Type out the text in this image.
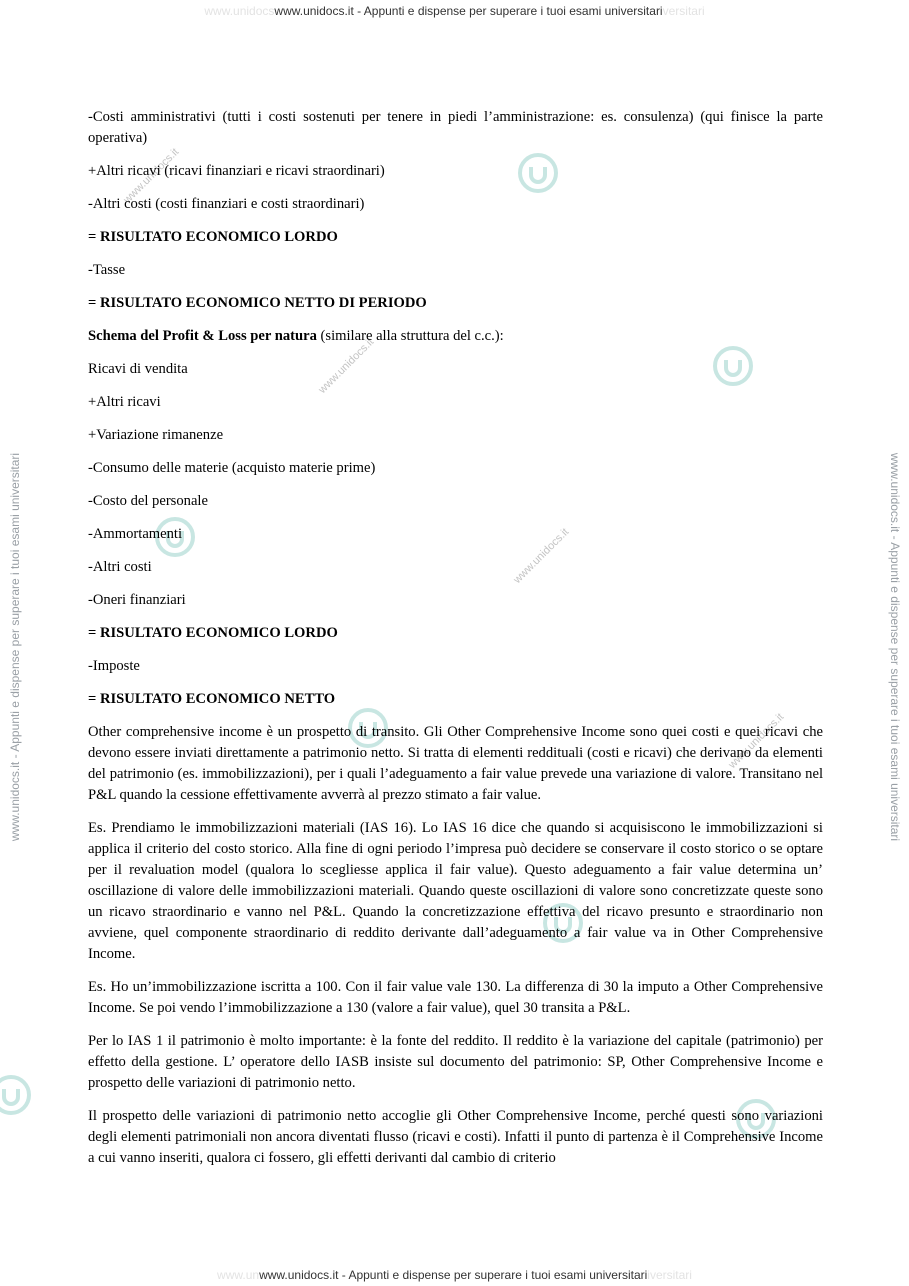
www.unidocs.it
www.unidocs.it
www.unidocs.it
www.unidocs.it
www.unidocswww.unidocs.it - Appunti e dispense per superare i tuoi esami universitariversitari
www.unidocs.it - Appunti e dispense per superare i tuoi esami universitari	www.unidocs.it - Appunti e dispense per superare i tuoi esami universitari

-Costi amministrativi (tutti i costi sostenuti per tenere in piedi l’amministrazione: es. consulenza) (qui finisce la parte operativa)

+Altri ricavi (ricavi finanziari e ricavi straordinari)

-Altri costi (costi finanziari e costi straordinari)

= RISULTATO ECONOMICO LORDO

-Tasse

= RISULTATO ECONOMICO NETTO DI PERIODO

Schema del Profit & Loss per natura (similare alla struttura del c.c.):

Ricavi di vendita

+Altri ricavi

+Variazione rimanenze

-Consumo delle materie (acquisto materie prime)

-Costo del personale

-Ammortamenti

-Altri costi

-Oneri finanziari

= RISULTATO ECONOMICO LORDO

-Imposte

= RISULTATO ECONOMICO NETTO

Other comprehensive income è un prospetto di transito. Gli Other Comprehensive Income sono quei costi e quei ricavi che devono essere inviati direttamente a patrimonio netto. Si tratta di elementi reddituali (costi e ricavi) che derivano da elementi del patrimonio (es. immobilizzazioni), per i quali l’adeguamento a fair value prevede una variazione di valore. Transitano nel P&L quando la cessione effettivamente avverrà al prezzo stimato a fair value.

Es. Prendiamo le immobilizzazioni materiali (IAS 16). Lo IAS 16 dice che quando si acquisiscono le immobilizzazioni si applica il criterio del costo storico. Alla fine di ogni periodo l’impresa può decidere se conservare il costo storico o se optare per il revaluation model (qualora lo scegliesse applica il fair value). Questo adeguamento a fair value determina un’ oscillazione di valore delle immobilizzazioni materiali. Quando queste oscillazioni di valore sono concretizzate queste sono un ricavo straordinario e vanno nel P&L. Quando la concretizzazione effettiva del ricavo presunto e straordinario non avviene, quel componente straordinario di reddito derivante dall’adeguamento a fair value va in Other Comprehensive Income.

Es. Ho un’immobilizzazione iscritta a 100. Con il fair value vale 130. La differenza di 30 la imputo a Other Comprehensive Income. Se poi vendo l’immobilizzazione a 130 (valore a fair value), quel 30 transita a P&L.

Per lo IAS 1 il patrimonio è molto importante: è la fonte del reddito. Il reddito è la variazione del capitale (patrimonio) per effetto della gestione. L’ operatore dello IASB insiste sul documento del patrimonio: SP, Other Comprehensive Income e prospetto delle variazioni di patrimonio netto.

Il prospetto delle variazioni di patrimonio netto accoglie gli Other Comprehensive Income, perché questi sono variazioni degli elementi patrimoniali non ancora diventati flusso (ricavi e costi). Infatti il punto di partenza è il Comprehensive Income a cui vanno inseriti, qualora ci fossero, gli effetti derivanti dal cambio di criterio

www.unwww.unidocs.it - Appunti e dispense per superare i tuoi esami universitariiversitari
